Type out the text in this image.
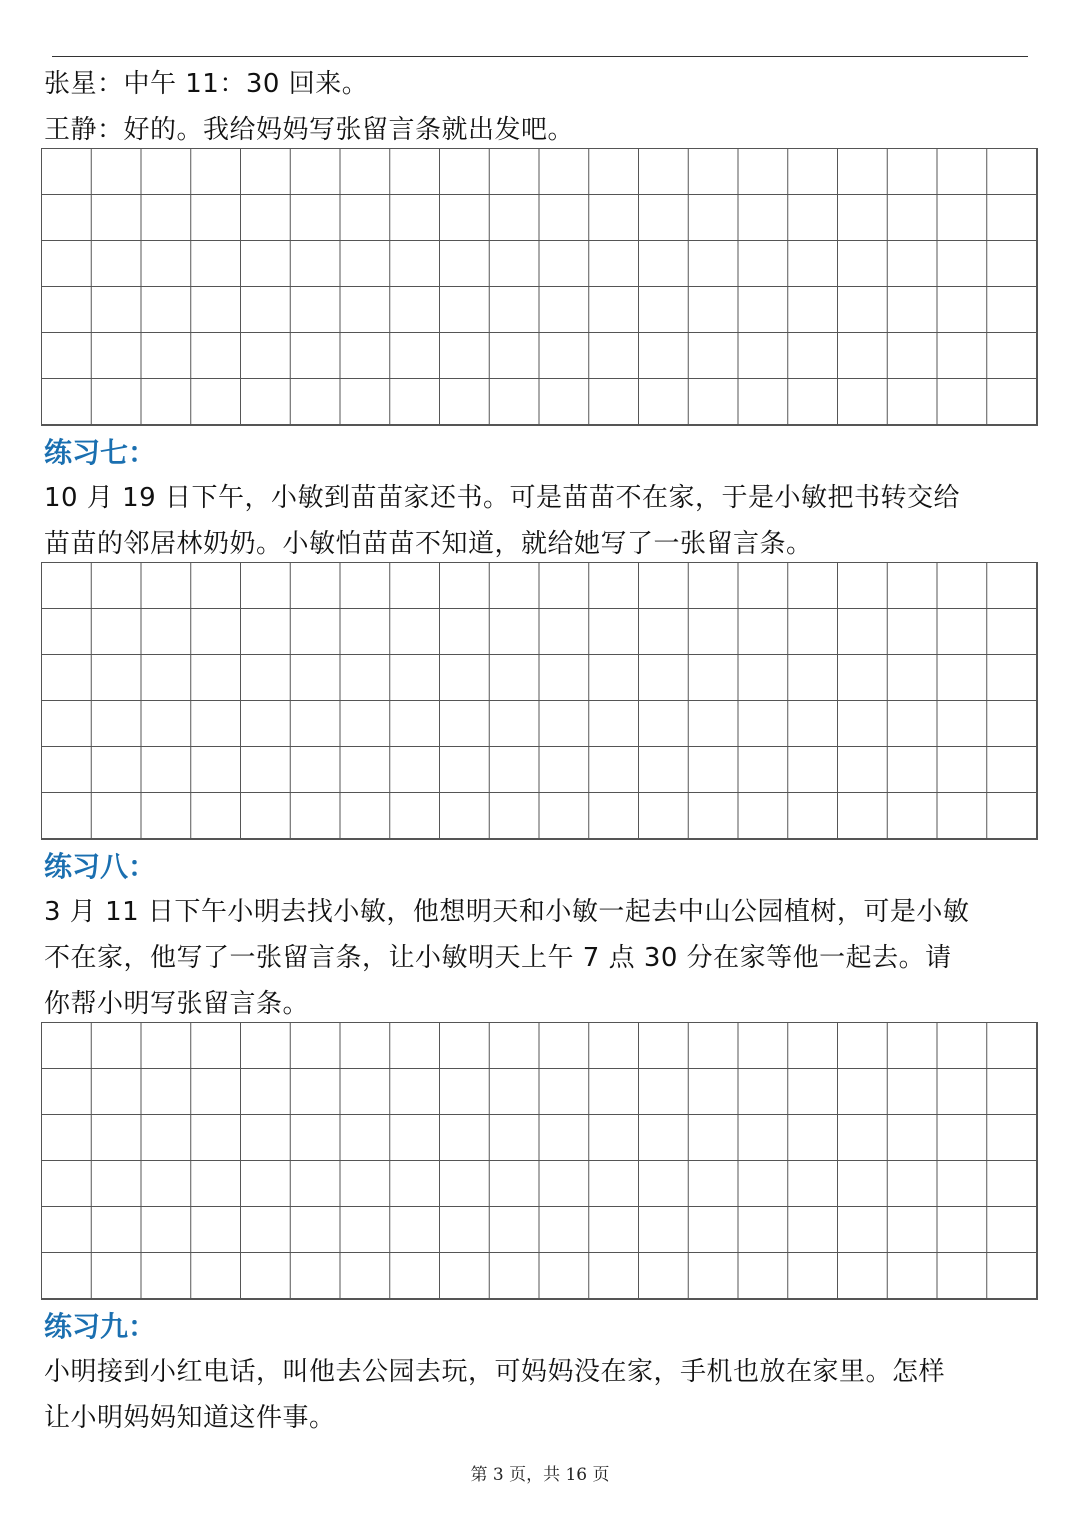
张星：中午 11：30 回来。
王静：好的。我给妈妈写张留言条就出发吧。
练习七：
10 月 19 日下午，小敏到苗苗家还书。可是苗苗不在家，于是小敏把书转交给
苗苗的邻居林奶奶。小敏怕苗苗不知道，就给她写了一张留言条。
练习八：
3 月 11 日下午小明去找小敏，他想明天和小敏一起去中山公园植树，可是小敏
不在家，他写了一张留言条，让小敏明天上午 7 点 30 分在家等他一起去。请
你帮小明写张留言条。
练习九：
小明接到小红电话，叫他去公园去玩，可妈妈没在家，手机也放在家里。怎样
让小明妈妈知道这件事。
第 3 页，共 16 页
